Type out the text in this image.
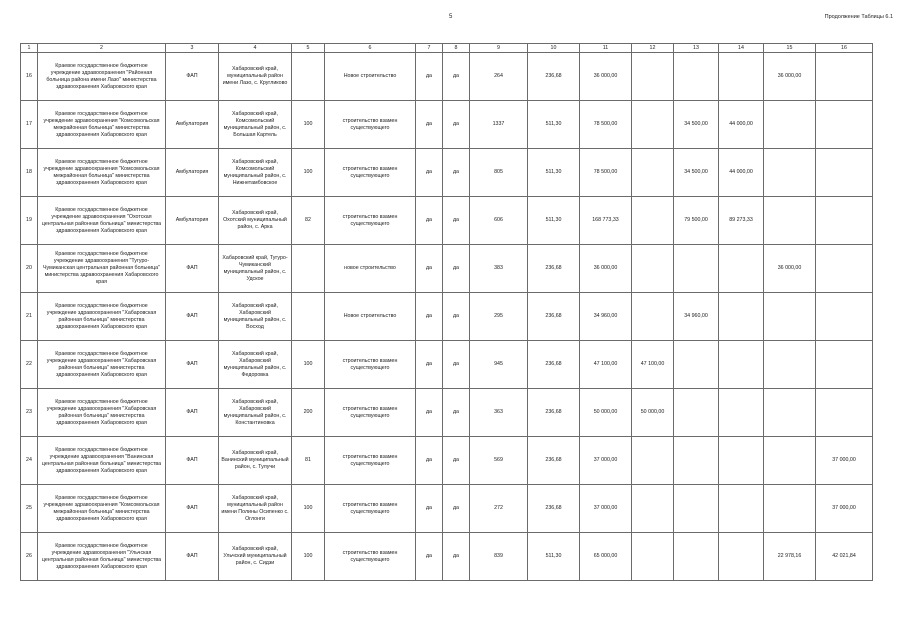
5	Продолжение Таблицы 6.1
1	2	3	4	5	6	7	8	9	10	11	12	13	14	15	16
16	Краевое государственное бюджетное учреждение здравоохранения "Районная больница района имени Лазо" министерства здравоохранения Хабаровского края	ФАП	Хабаровский край, муниципальный район имени Лазо, с. Кругликово		Новое строительство	да	да	264	236,68	36 000,00				36 000,00	
17	Краевое государственное бюджетное учреждение здравоохранения "Комсомольская межрайонная больница" министерства здравоохранения Хабаровского края	Амбулатория	Хабаровский край, Комсомольский муниципальный район, с. Большая Картель	100	строительство взамен существующего	да	да	1337	511,30	78 500,00		34 500,00	44 000,00		
18	Краевое государственное бюджетное учреждение здравоохранения "Комсомольская межрайонная больница" министерства здравоохранения Хабаровского края	Амбулатория	Хабаровский край, Комсомольский муниципальный район, с. Нижнетамбовское	100	строительство взамен существующего	да	да	805	511,30	78 500,00		34 500,00	44 000,00		
19	Краевое государственное бюджетное учреждение здравоохранения "Охотская центральная районная больница" министерства здравоохранения Хабаровского края	Амбулатория	Хабаровский край, Охотский муниципальный район, с. Арка	82	строительство взамен существующего	да	да	606	511,30	168 773,33		79 500,00	89 273,33		
20	Краевое государственное бюджетное учреждение здравоохранения "Тугуро-Чумиканская центральная районная больница" министерства здравоохранения Хабаровского края	ФАП	Хабаровский край, Тугуро-Чумиканский муниципальный район, с. Удское		новое строительство	да	да	383	236,68	36 000,00				36 000,00	
21	Краевое государственное бюджетное учреждение здравоохранения "Хабаровская районная больница" министерства здравоохранения Хабаровского края	ФАП	Хабаровский край, Хабаровский муниципальный район, с. Восход		Новое строительство	да	да	295	236,68	34 960,00		34 960,00			
22	Краевое государственное бюджетное учреждение здравоохранения "Хабаровская районная больница" министерства здравоохранения Хабаровского края	ФАП	Хабаровский край, Хабаровский муниципальный район, с. Федоровка	100	строительство взамен существующего	да	да	945	236,68	47 100,00	47 100,00				
23	Краевое государственное бюджетное учреждение здравоохранения "Хабаровская районная больница" министерства здравоохранения Хабаровского края	ФАП	Хабаровский край, Хабаровский муниципальный район, с. Константиновка	200	строительство взамен существующего	да	да	363	236,68	50 000,00	50 000,00				
24	Краевое государственное бюджетное учреждение здравоохранения "Ванинская центральная районная больница" министерства здравоохранения Хабаровского края	ФАП	Хабаровский край, Ванинский муниципальный район, с. Тулучи	81	строительство взамен существующего	да	да	569	236,68	37 000,00					37 000,00
25	Краевое государственное бюджетное учреждение здравоохранения "Комсомольская межрайонная больница" министерства здравоохранения Хабаровского края	ФАП	Хабаровский край, муниципальный район имени Полины Осипенко с. Оглонги	100	строительство взамен существующего	да	да	272	236,68	37 000,00					37 000,00
26	Краевое государственное бюджетное учреждение здравоохранения "Ульчская центральная районная больница" министерства здравоохранения Хабаровского края	ФАП	Хабаровский край, Ульчский муниципальный район, с. Сидзи	100	строительство взамен существующего	да	да	839	511,30	65 000,00				22 978,16	42 021,84
